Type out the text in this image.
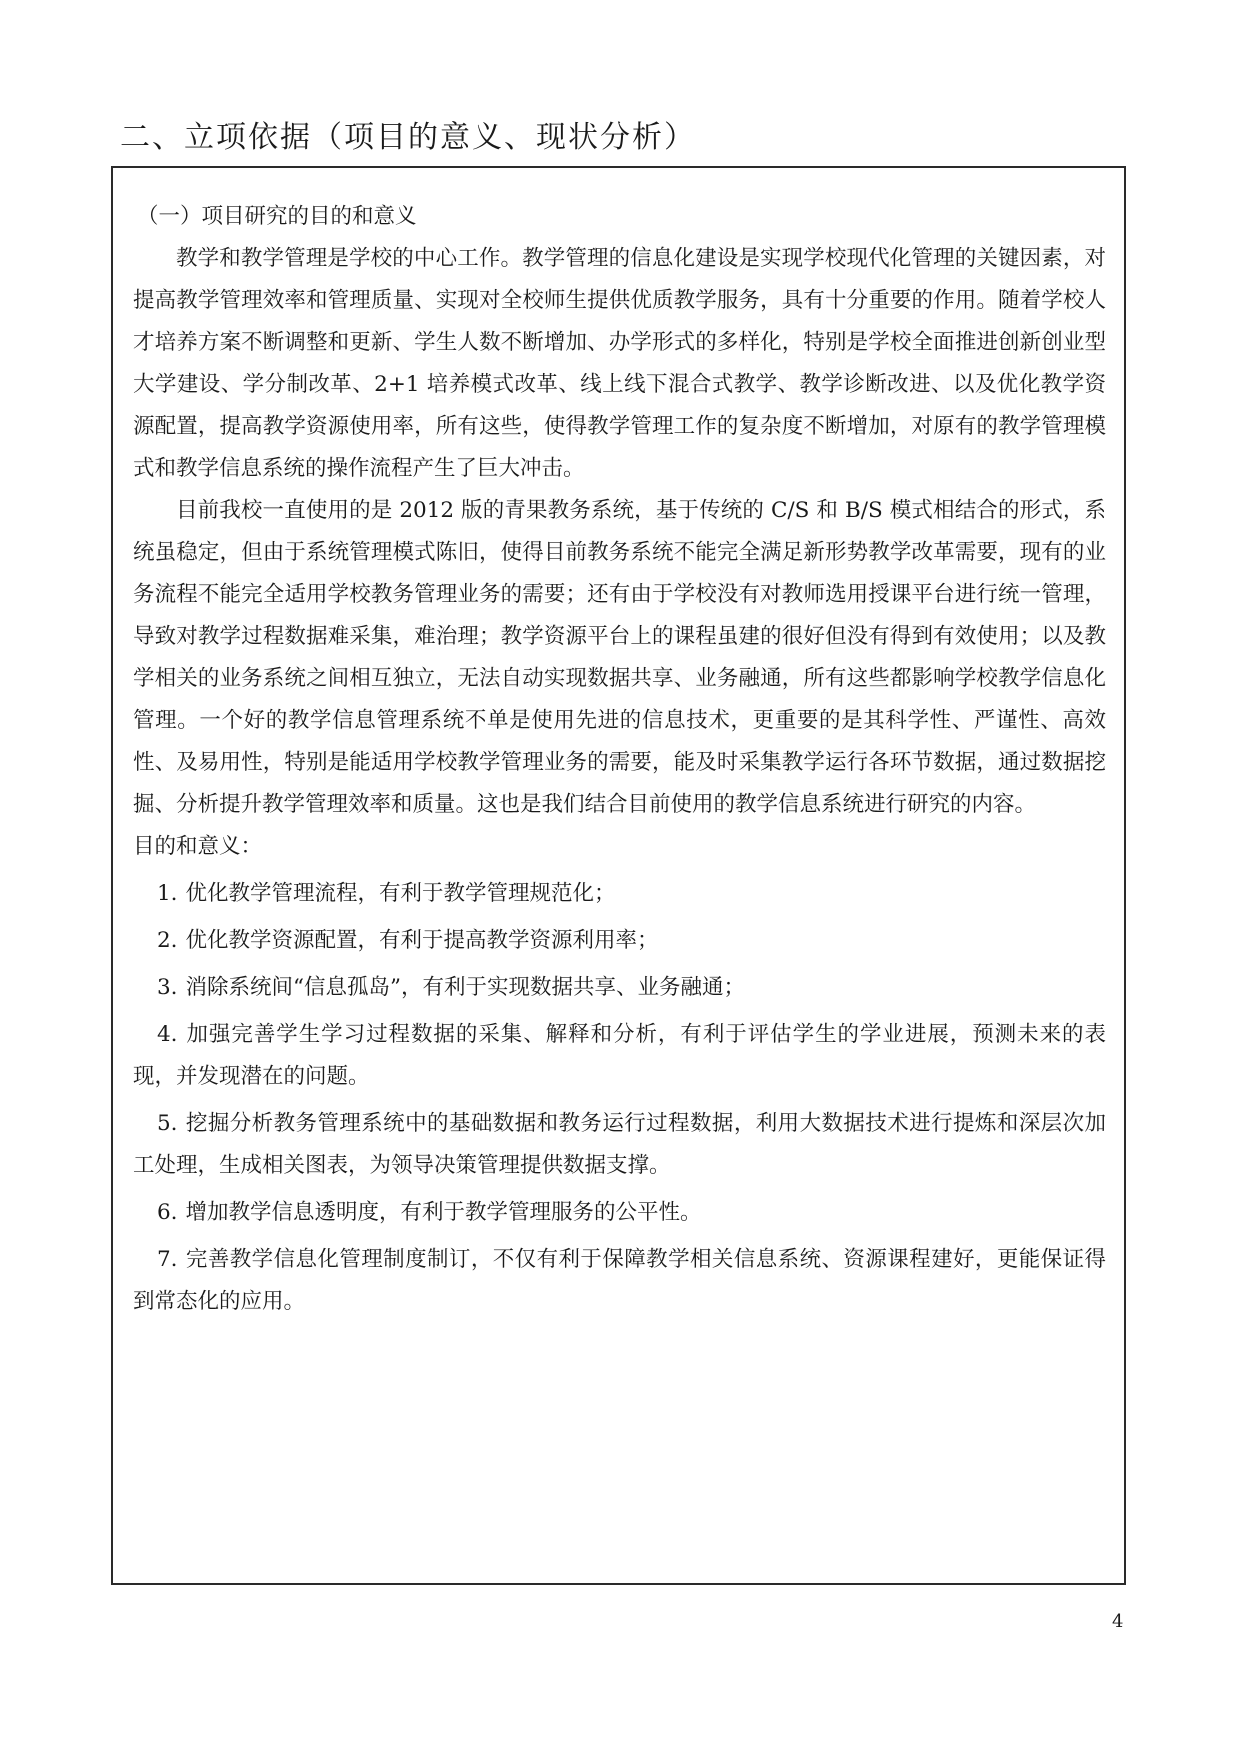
二、立项依据（项目的意义、现状分析）

（一）项目研究的目的和意义

教学和教学管理是学校的中心工作。教学管理的信息化建设是实现学校现代化管理的关键因素，对提高教学管理效率和管理质量、实现对全校师生提供优质教学服务，具有十分重要的作用。随着学校人才培养方案不断调整和更新、学生人数不断增加、办学形式的多样化，特别是学校全面推进创新创业型大学建设、学分制改革、2+1 培养模式改革、线上线下混合式教学、教学诊断改进、以及优化教学资源配置，提高教学资源使用率，所有这些，使得教学管理工作的复杂度不断增加，对原有的教学管理模式和教学信息系统的操作流程产生了巨大冲击。

目前我校一直使用的是 2012 版的青果教务系统，基于传统的 C/S 和 B/S 模式相结合的形式，系统虽稳定，但由于系统管理模式陈旧，使得目前教务系统不能完全满足新形势教学改革需要，现有的业务流程不能完全适用学校教务管理业务的需要；还有由于学校没有对教师选用授课平台进行统一管理，导致对教学过程数据难采集，难治理；教学资源平台上的课程虽建的很好但没有得到有效使用；以及教学相关的业务系统之间相互独立，无法自动实现数据共享、业务融通，所有这些都影响学校教学信息化管理。一个好的教学信息管理系统不单是使用先进的信息技术，更重要的是其科学性、严谨性、高效性、及易用性，特别是能适用学校教学管理业务的需要，能及时采集教学运行各环节数据，通过数据挖掘、分析提升教学管理效率和质量。这也是我们结合目前使用的教学信息系统进行研究的内容。

目的和意义：

1. 优化教学管理流程，有利于教学管理规范化；

2. 优化教学资源配置，有利于提高教学资源利用率；

3. 消除系统间“信息孤岛”，有利于实现数据共享、业务融通；

4. 加强完善学生学习过程数据的采集、解释和分析，有利于评估学生的学业进展，预测未来的表现，并发现潜在的问题。

5. 挖掘分析教务管理系统中的基础数据和教务运行过程数据，利用大数据技术进行提炼和深层次加工处理，生成相关图表，为领导决策管理提供数据支撑。

6. 增加教学信息透明度，有利于教学管理服务的公平性。

7. 完善教学信息化管理制度制订，不仅有利于保障教学相关信息系统、资源课程建好，更能保证得到常态化的应用。

4
